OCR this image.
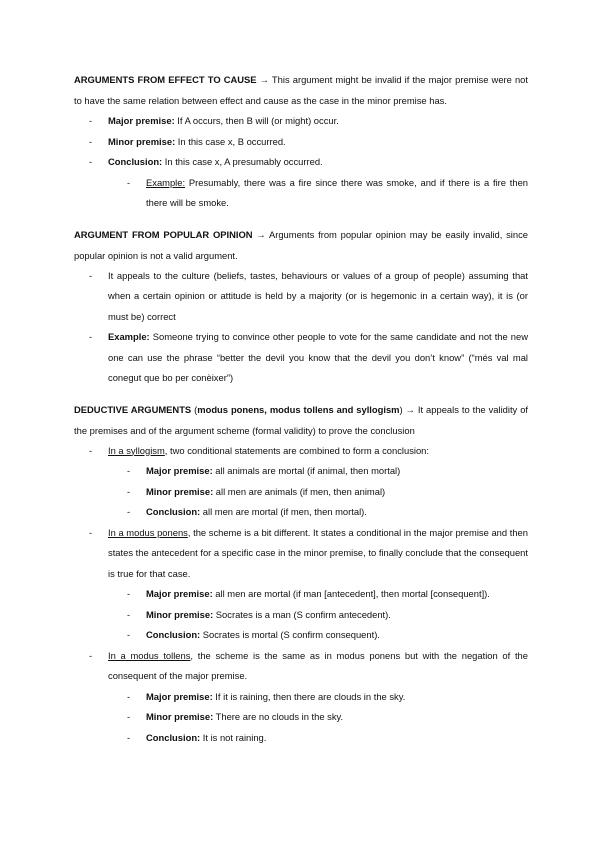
ARGUMENTS FROM EFFECT TO CAUSE → This argument might be invalid if the major premise were not to have the same relation between effect and cause as the case in the minor premise has.

- Major premise: If A occurs, then B will (or might) occur.
- Minor premise: In this case x, B occurred.
- Conclusion: In this case x, A presumably occurred.
- Example: Presumably, there was a fire since there was smoke, and if there is a fire then there will be smoke.

ARGUMENT FROM POPULAR OPINION → Arguments from popular opinion may be easily invalid, since popular opinion is not a valid argument.

- It appeals to the culture (beliefs, tastes, behaviours or values of a group of people) assuming that when a certain opinion or attitude is held by a majority (or is hegemonic in a certain way), it is (or must be) correct
- Example: Someone trying to convince other people to vote for the same candidate and not the new one can use the phrase “better the devil you know that the devil you don’t know” (“més val mal conegut que bo per conèixer”)

DEDUCTIVE ARGUMENTS (modus ponens, modus tollens and syllogism) → It appeals to the validity of the premises and of the argument scheme (formal validity) to prove the conclusion

- In a syllogism, two conditional statements are combined to form a conclusion:
- Major premise: all animals are mortal (if animal, then mortal)
- Minor premise: all men are animals (if men, then animal)
- Conclusion: all men are mortal (if men, then mortal).
- In a modus ponens, the scheme is a bit different. It states a conditional in the major premise and then states the antecedent for a specific case in the minor premise, to finally conclude that the consequent is true for that case.
- Major premise: all men are mortal (if man [antecedent], then mortal [consequent]).
- Minor premise: Socrates is a man (S confirm antecedent).
- Conclusion: Socrates is mortal (S confirm consequent).
- In a modus tollens, the scheme is the same as in modus ponens but with the negation of the consequent of the major premise.
- Major premise: If it is raining, then there are clouds in the sky.
- Minor premise: There are no clouds in the sky.
- Conclusion: It is not raining.
